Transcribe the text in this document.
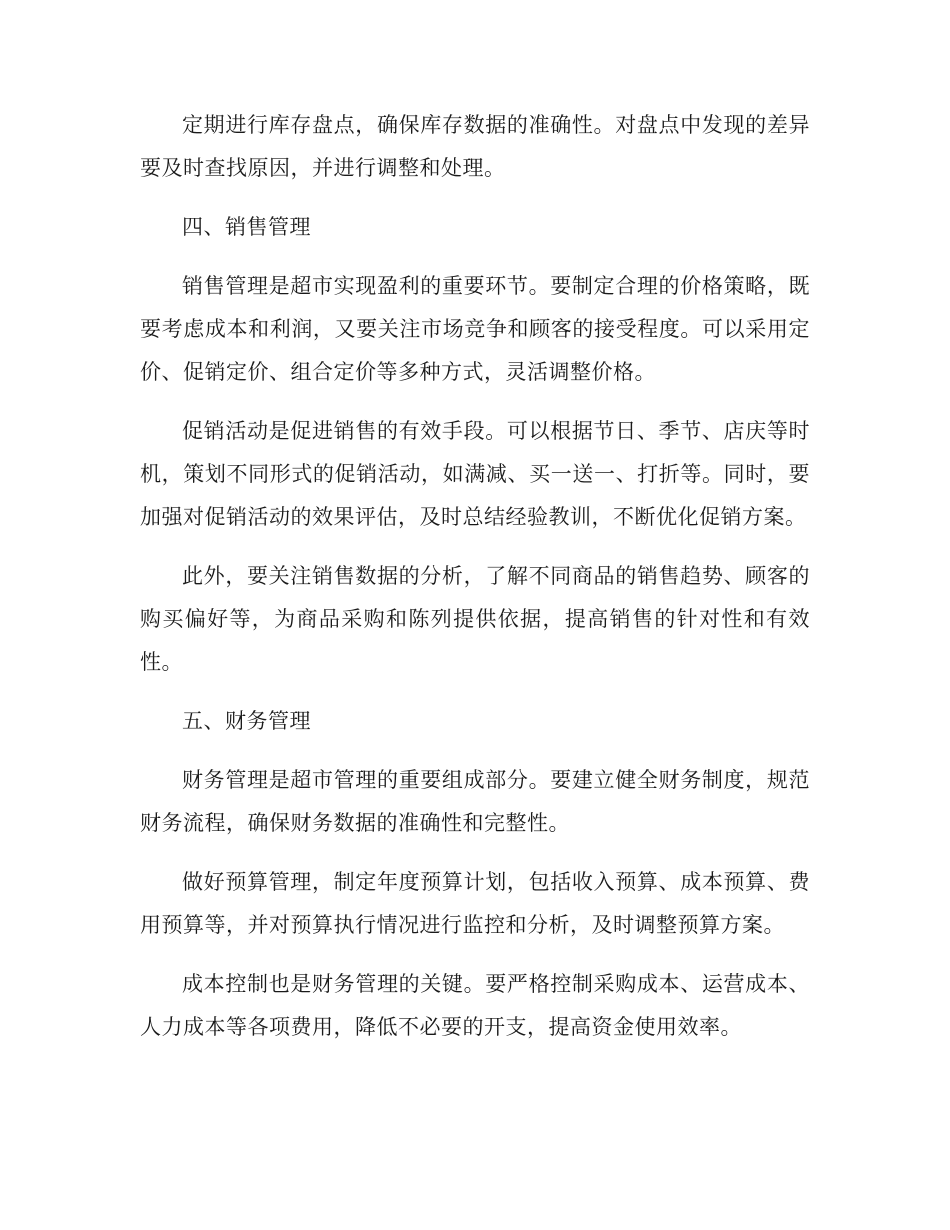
定期进行库存盘点，确保库存数据的准确性。对盘点中发现的差异要及时查找原因，并进行调整和处理。

四、销售管理

销售管理是超市实现盈利的重要环节。要制定合理的价格策略，既要考虑成本和利润，又要关注市场竞争和顾客的接受程度。可以采用定价、促销定价、组合定价等多种方式，灵活调整价格。

促销活动是促进销售的有效手段。可以根据节日、季节、店庆等时机，策划不同形式的促销活动，如满减、买一送一、打折等。同时，要加强对促销活动的效果评估，及时总结经验教训，不断优化促销方案。

此外，要关注销售数据的分析，了解不同商品的销售趋势、顾客的购买偏好等，为商品采购和陈列提供依据，提高销售的针对性和有效性。

五、财务管理

财务管理是超市管理的重要组成部分。要建立健全财务制度，规范财务流程，确保财务数据的准确性和完整性。

做好预算管理，制定年度预算计划，包括收入预算、成本预算、费用预算等，并对预算执行情况进行监控和分析，及时调整预算方案。

成本控制也是财务管理的关键。要严格控制采购成本、运营成本、人力成本等各项费用，降低不必要的开支，提高资金使用效率。
